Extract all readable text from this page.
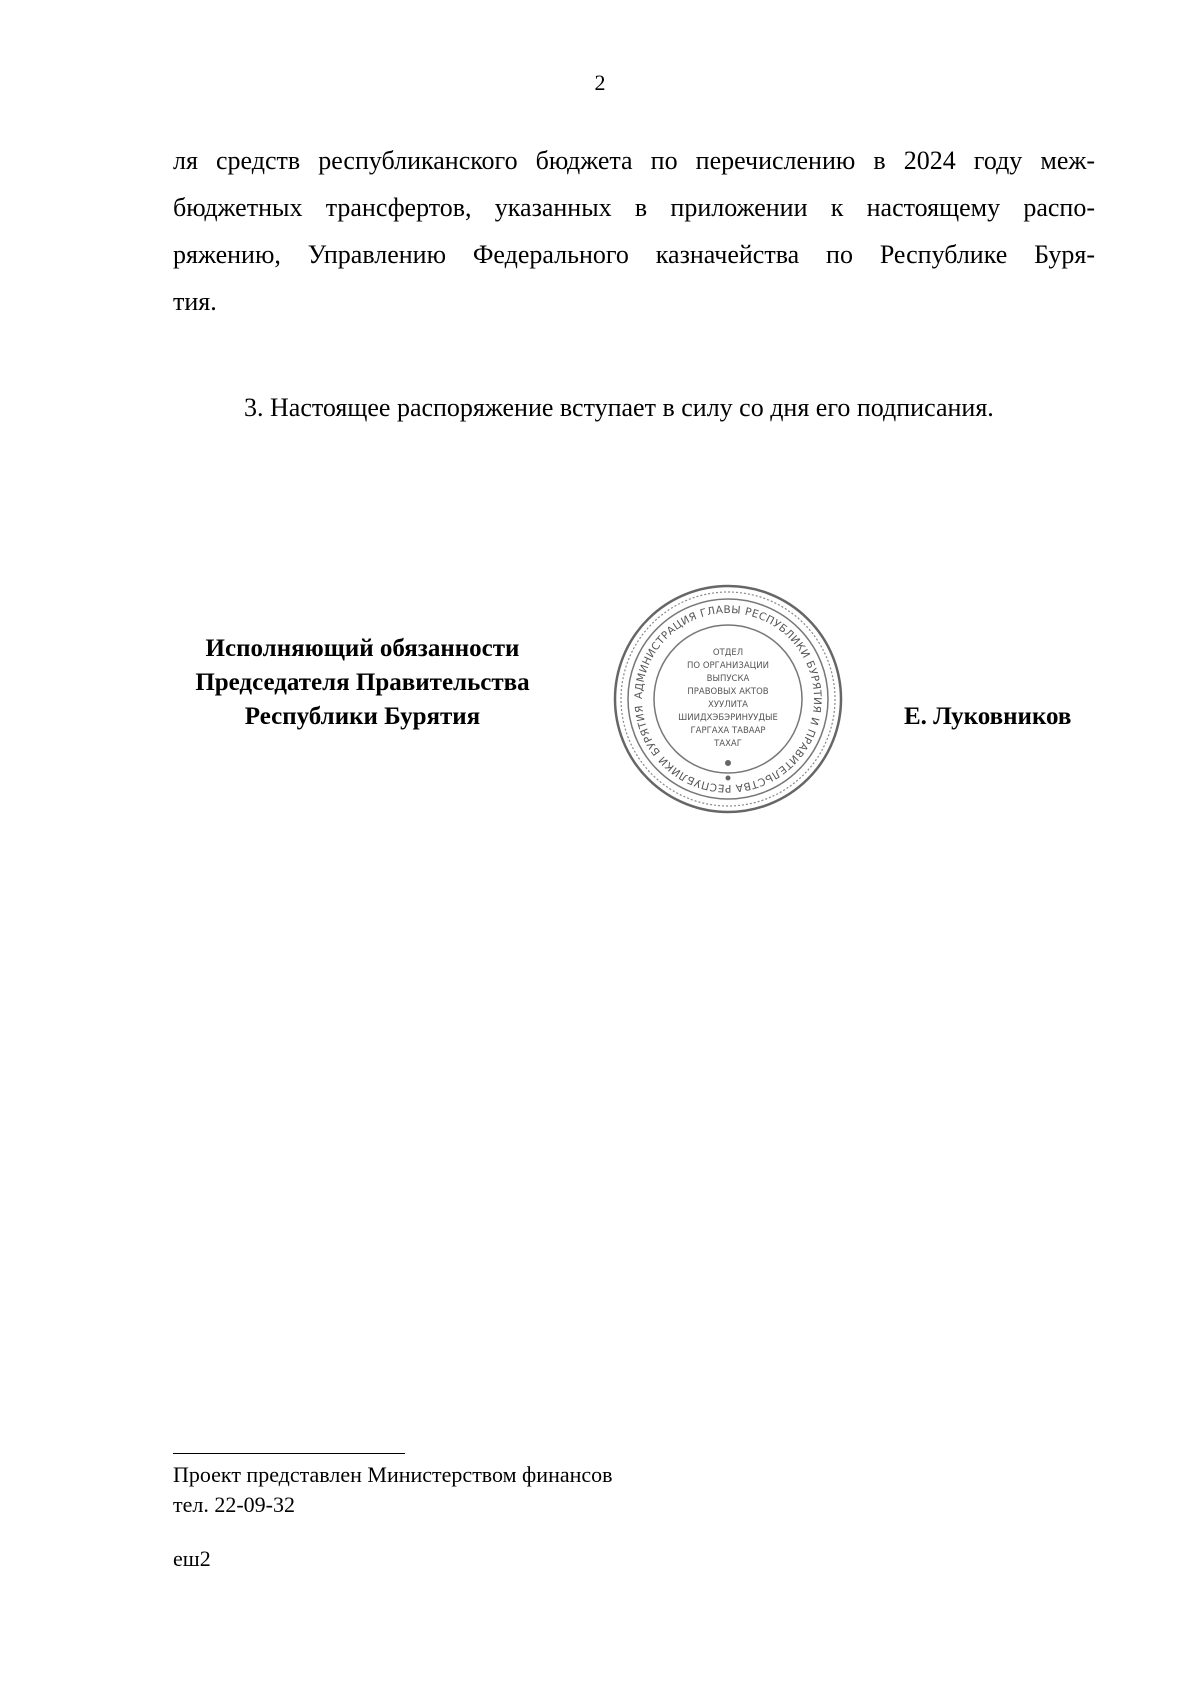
2
ля средств республиканского бюджета по перечислению в 2024 году меж-
бюджетных трансфертов, указанных в приложении к настоящему распо-
ряжению, Управлению Федерального казначейства по Республике Буря-
тия.

3. Настоящее распоряжение вступает в силу со дня его подписания.

Исполняющий обязанности
Председателя Правительства
Республики Бурятия
АДМИНИСТРАЦИЯ ГЛАВЫ РЕСПУБЛИКИ БУРЯТИЯ И ПРАВИТЕЛЬСТВА РЕСПУБЛИКИ БУРЯТИЯ
ОТДЕЛ
ПО ОРГАНИЗАЦИИ
ВЫПУСКА
ПРАВОВЫХ АКТОВ
ХУУЛИТА
ШИИДХЭБЭРИНУУДЫЕ
ГАРГАХА ТАВААР
ТАХАГ
Е. Луковников
Проект представлен Министерством финансов
тел. 22-09-32
еш2
